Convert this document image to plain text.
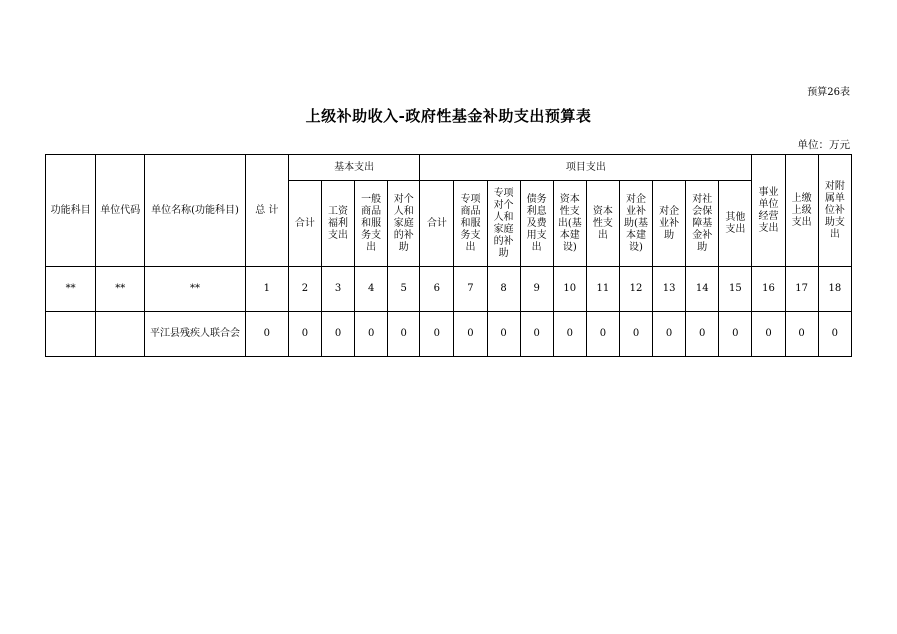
预算26表
上级补助收入-政府性基金补助支出预算表
单位：万元
功能科目	单位代码	单位名称(功能科目)	总 计	基本支出				项目支出										事业单位经营支出	上缴上级支出	对附属单位补助支出
				合计	工资福利支出	一般商品和服务支出	对个人和家庭的补助	合计	专项商品和服务支出	专项对个人和家庭的补助	债务利息及费用支出	资本性支出(基本建设)	资本性支出	对企业补助(基本建设)	对企业补助	对社会保障基金补助	其他支出			
**	**	**	1	2	3	4	5	6	7	8	9	10	11	12	13	14	15	16	17	18
		平江县残疾人联合会	0	0	0	0	0	0	0	0	0	0	0	0	0	0	0	0	0	0
